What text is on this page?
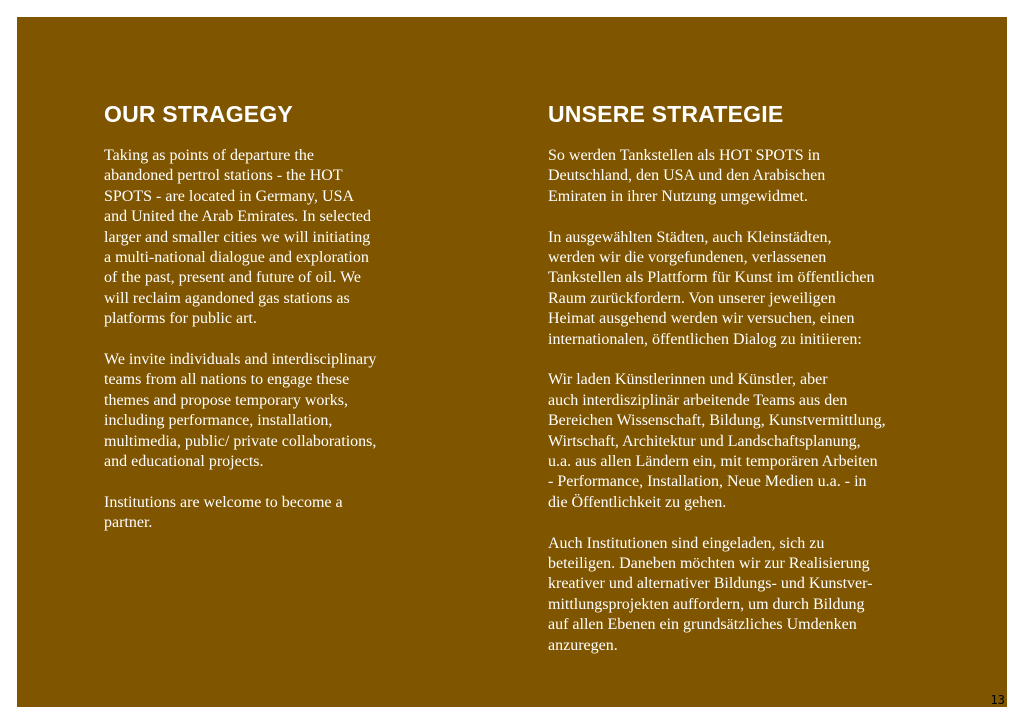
OUR STRAGEGY

Taking as points of departure the
abandoned pertrol stations - the HOT
SPOTS - are located in Germany, USA
and United the Arab Emirates. In selected
larger and smaller cities we will initiating
a multi-national dialogue and exploration
of the past, present and future of oil. We
will reclaim agandoned gas stations as
platforms for public art.

We invite individuals and interdisciplinary
teams from all nations to engage these
themes and propose temporary works,
including performance, installation,
multimedia, public/ private collaborations,
and educational projects.

Institutions are welcome to become a
partner.

UNSERE STRATEGIE

So werden Tankstellen als HOT SPOTS in
Deutschland, den USA und den Arabischen
Emiraten in ihrer Nutzung umgewidmet.

In ausgewählten Städten, auch Kleinstädten,
werden wir die vorgefundenen, verlassenen
Tankstellen als Plattform für Kunst im öffentlichen
Raum zurückfordern. Von unserer jeweiligen
Heimat ausgehend werden wir versuchen, einen
internationalen, öffentlichen Dialog zu initiieren:

Wir laden Künstlerinnen und Künstler, aber
auch interdisziplinär arbeitende Teams aus den
Bereichen Wissenschaft, Bildung, Kunstvermittlung,
Wirtschaft, Architektur und Landschaftsplanung,
u.a. aus allen Ländern ein, mit temporären Arbeiten
- Performance, Installation, Neue Medien u.a. - in
die Öffentlichkeit zu gehen.

Auch Institutionen sind eingeladen, sich zu
beteiligen. Daneben möchten wir zur Realisierung
kreativer und alternativer Bildungs- und Kunstver-
mittlungsprojekten auffordern, um durch Bildung
auf allen Ebenen ein grundsätzliches Umdenken
anzuregen.

13
